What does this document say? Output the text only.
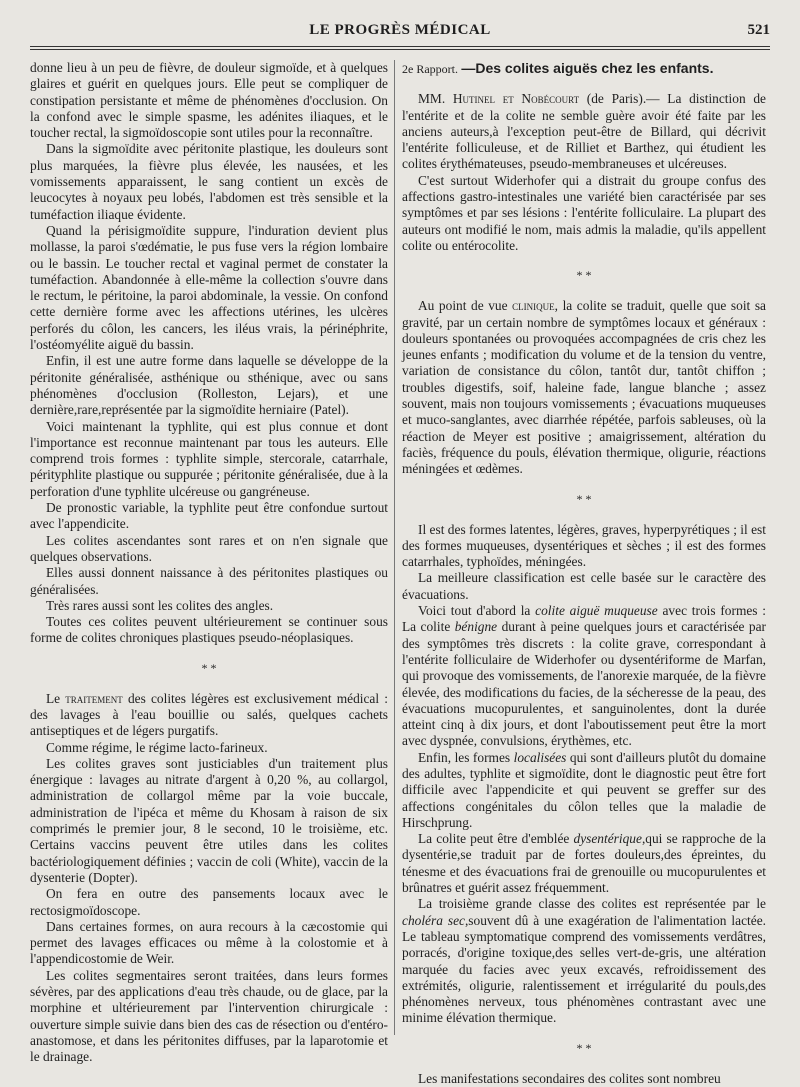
LE PROGRÈS MÉDICAL	521

donne lieu à un peu de fièvre, de douleur sigmoïde, et à quelques glaires et guérit en quelques jours. Elle peut se compliquer de constipation persistante et même de phénomènes d'occlusion. On la confond avec le simple spasme, les adénites iliaques, et le toucher rectal, la sigmoïdoscopie sont utiles pour la reconnaître.

Dans la sigmoïdite avec péritonite plastique, les douleurs sont plus marquées, la fièvre plus élevée, les nausées, et les vomissements apparaissent, le sang contient un excès de leucocytes à noyaux peu lobés, l'abdomen est très sensible et la tuméfaction iliaque évidente.

Quand la périsigmoïdite suppure, l'induration devient plus mollasse, la paroi s'œdématie, le pus fuse vers la région lombaire ou le bassin. Le toucher rectal et vaginal permet de constater la tuméfaction. Abandonnée à elle-même la collection s'ouvre dans le rectum, le péritoine, la paroi abdominale, la vessie. On confond cette dernière forme avec les affections utérines, les ulcères perforés du côlon, les cancers, les iléus vrais, la périnéphrite, l'ostéomyélite aiguë du bassin.

Enfin, il est une autre forme dans laquelle se développe de la péritonite généralisée, asthénique ou sthénique, avec ou sans phénomènes d'occlusion (Rolleston, Lejars), et une dernière,rare,représentée par la sigmoïdite herniaire (Patel).

Voici maintenant la typhlite, qui est plus connue et dont l'importance est reconnue maintenant par tous les auteurs. Elle comprend trois formes : typhlite simple, stercorale, catarrhale, pérityphlite plastique ou suppurée ; péritonite généralisée, due à la perforation d'une typhlite ulcéreuse ou gangréneuse.

De pronostic variable, la typhlite peut être confondue surtout avec l'appendicite.

Les colites ascendantes sont rares et on n'en signale que quelques observations.

Elles aussi donnent naissance à des péritonites plastiques ou généralisées.

Très rares aussi sont les colites des angles.

Toutes ces colites peuvent ultérieurement se continuer sous forme de colites chroniques plastiques pseudo-néoplasiques.

* *

Le traitement des colites légères est exclusivement médical : des lavages à l'eau bouillie ou salés, quelques cachets antiseptiques et de légers purgatifs.

Comme régime, le régime lacto-farineux.

Les colites graves sont justiciables d'un traitement plus énergique : lavages au nitrate d'argent à 0,20 %, au collargol, administration de collargol même par la voie buccale, administration de l'ipéca et même du Khosam à raison de six comprimés le premier jour, 8 le second, 10 le troisième, etc. Certains vaccins peuvent être utiles dans les colites bactériologiquement définies ; vaccin de coli (White), vaccin de la dysenterie (Dopter).

On fera en outre des pansements locaux avec le rectosigmoïdoscope.

Dans certaines formes, on aura recours à la cæcostomie qui permet des lavages efficaces ou même à la colostomie et à l'appendicostomie de Weir.

Les colites segmentaires seront traitées, dans leurs formes sévères, par des applications d'eau très chaude, ou de glace, par la morphine et ultérieurement par l'intervention chirurgicale : ouverture simple suivie dans bien des cas de résection ou d'entéro-anastomose, et dans les péritonites diffuses, par la laparotomie et le drainage.

2e Rapport. —Des colites aiguës chez les enfants.

MM. Hutinel et Nobécourt (de Paris).— La distinction de l'entérite et de la colite ne semble guère avoir été faite par les anciens auteurs,à l'exception peut-être de Billard, qui décrivit l'entérite folliculeuse, et de Rilliet et Barthez, qui étudient les colites érythémateuses, pseudo-membraneuses et ulcéreuses.

C'est surtout Widerhofer qui a distrait du groupe confus des affections gastro-intestinales une variété bien caractérisée par ses symptômes et par ses lésions : l'entérite folliculaire. La plupart des auteurs ont modifié le nom, mais admis la maladie, qu'ils appellent colite ou entérocolite.

* *

Au point de vue clinique, la colite se traduit, quelle que soit sa gravité, par un certain nombre de symptômes locaux et généraux : douleurs spontanées ou provoquées accompagnées de cris chez les jeunes enfants ; modification du volume et de la tension du ventre, variation de consistance du côlon, tantôt dur, tantôt chiffon ; troubles digestifs, soif, haleine fade, langue blanche ; assez souvent, mais non toujours vomissements ; évacuations muqueuses et muco-sanglantes, avec diarrhée répétée, parfois sableuses, où la réaction de Meyer est positive ; amaigrissement, altération du faciès, fréquence du pouls, élévation thermique, oligurie, réactions méningées et œdèmes.

* *

Il est des formes latentes, légères, graves, hyperpyrétiques ; il est des formes muqueuses, dysentériques et sèches ; il est des formes catarrhales, typhoïdes, méningées.

La meilleure classification est celle basée sur le caractère des évacuations.

Voici tout d'abord la colite aiguë muqueuse avec trois formes : La colite bénigne durant à peine quelques jours et caractérisée par des symptômes très discrets : la colite grave, correspondant à l'entérite folliculaire de Widerhofer ou dysentériforme de Marfan, qui provoque des vomissements, de l'anorexie marquée, de la fièvre élevée, des modifications du facies, de la sécheresse de la peau, des évacuations mucopurulentes, et sanguinolentes, dont la durée atteint cinq à dix jours, et dont l'aboutissement peut être la mort avec dyspnée, convulsions, érythèmes, etc.

Enfin, les formes localisées qui sont d'ailleurs plutôt du domaine des adultes, typhlite et sigmoïdite, dont le diagnostic peut être fort difficile avec l'appendicite et qui peuvent se greffer sur des affections congénitales du côlon telles que la maladie de Hirschprung.

La colite peut être d'emblée dysentérique,qui se rapproche de la dysentérie,se traduit par de fortes douleurs,des épreintes, du ténesme et des évacuations frai de grenouille ou mucopurulentes et brûnatres et guérit assez fréquemment.

La troisième grande classe des colites est représentée par le choléra sec,souvent dû à une exagération de l'alimentation lactée. Le tableau symptomatique comprend des vomissements verdâtres, porracés, d'origine toxique,des selles vert-de-gris, une altération marquée du facies avec yeux excavés, refroidissement des extrémités, oligurie, ralentissement et irrégularité du pouls,des phénomènes nerveux, tous phénomènes contrastant avec une minime élévation thermique.

* *

Les manifestations secondaires des colites sont nombreu
